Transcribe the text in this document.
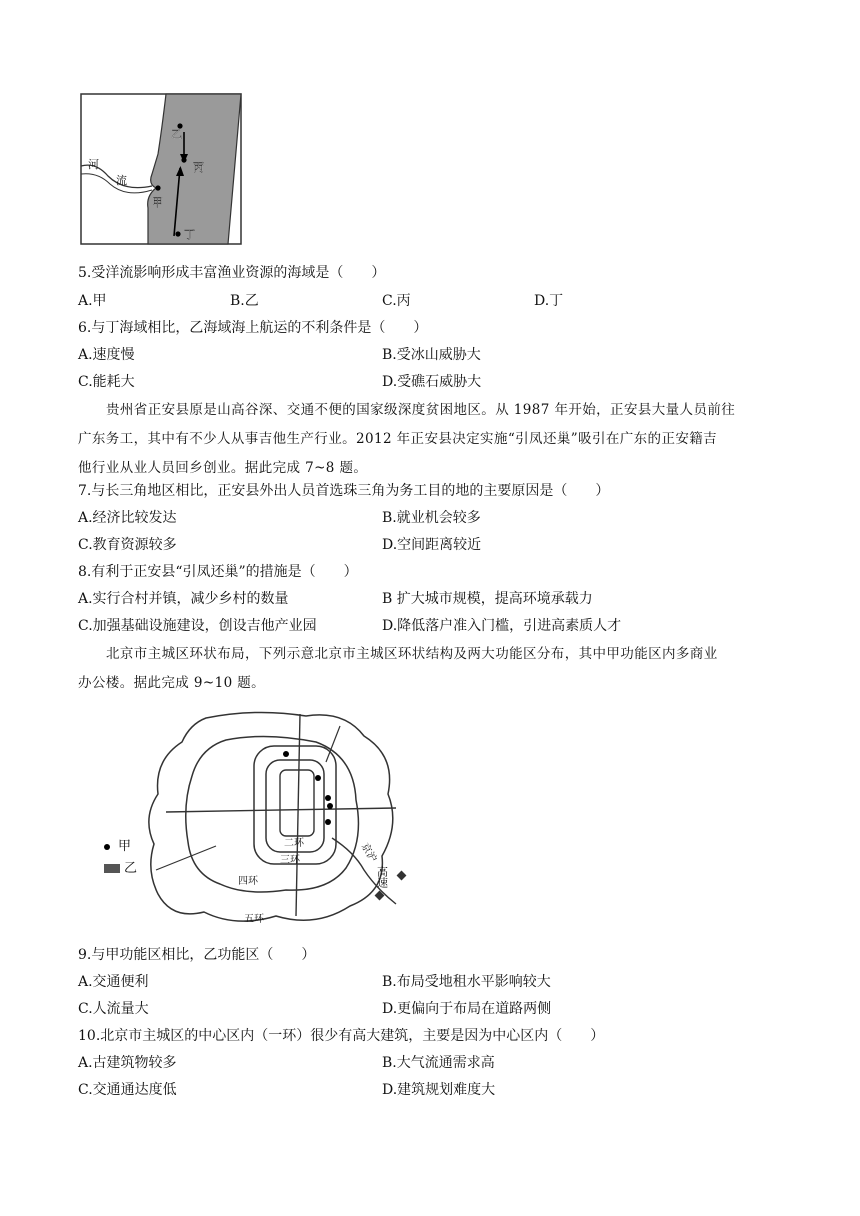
乙
丙
甲
丁
河
流
5.受洋流影响形成丰富渔业资源的海域是（　　）
A.甲	B.乙	C.丙	D.丁
6.与丁海域相比，乙海域海上航运的不利条件是（　　）
A.速度慢	B.受冰山威胁大
C.能耗大	D.受礁石威胁大

贵州省正安县原是山高谷深、交通不便的国家级深度贫困地区。从 1987 年开始，正安县大量人员前往

广东务工，其中有不少人从事吉他生产行业。2012 年正安县决定实施“引凤还巢”吸引在广东的正安籍吉

他行业从业人员回乡创业。据此完成 7~8 题。

7.与长三角地区相比，正安县外出人员首选珠三角为务工目的地的主要原因是（　　）
A.经济比较发达	B.就业机会较多
C.教育资源较多	D.空间距离较近
8.有利于正安县“引凤还巢”的措施是（　　）
A.实行合村并镇，减少乡村的数量	B 扩大城市规模，提高环境承载力
C.加强基础设施建设，创设吉他产业园	D.降低落户准入门槛，引进高素质人才

北京市主城区环状布局，下列示意北京市主城区环状结构及两大功能区分布，其中甲功能区内多商业

办公楼。据此完成 9~10 题。

二环
三环
四环
五环
京沪
高速
甲
乙
9.与甲功能区相比，乙功能区（　　）
A.交通便利	B.布局受地租水平影响较大
C.人流量大	D.更偏向于布局在道路两侧
10.北京市主城区的中心区内（一环）很少有高大建筑，主要是因为中心区内（　　）
A.古建筑物较多	B.大气流通需求高
C.交通通达度低	D.建筑规划难度大
